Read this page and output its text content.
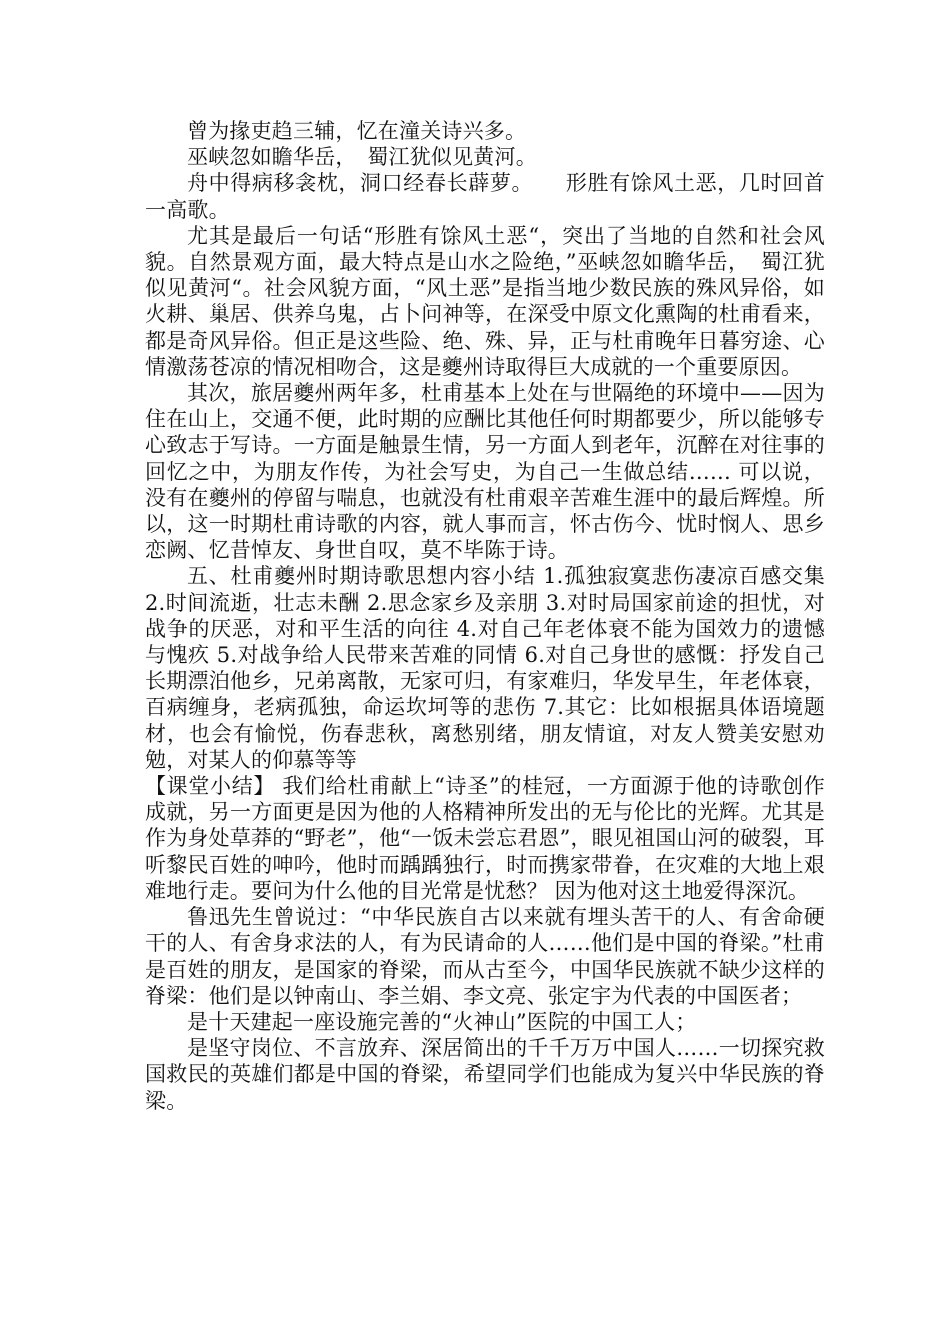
曾为掾吏趋三辅，忆在潼关诗兴多。

巫峡忽如瞻华岳，　蜀江犹似见黄河。

舟中得病移衾枕，洞口经春长薜萝。　　形胜有馀风土恶，几时回首一高歌。

尤其是最后一句话“形胜有馀风土恶“，突出了当地的自然和社会风貌。自然景观方面，最大特点是山水之险绝，”巫峡忽如瞻华岳，　蜀江犹似见黄河“。社会风貌方面，“风土恶”是指当地少数民族的殊风异俗，如火耕、巢居、供养乌鬼，占卜问神等，在深受中原文化熏陶的杜甫看来，都是奇风异俗。但正是这些险、绝、殊、异，正与杜甫晚年日暮穷途、心情激荡苍凉的情况相吻合，这是夔州诗取得巨大成就的一个重要原因。

其次，旅居夔州两年多，杜甫基本上处在与世隔绝的环境中——因为住在山上，交通不便，此时期的应酬比其他任何时期都要少，所以能够专心致志于写诗。一方面是触景生情，另一方面人到老年，沉醉在对往事的回忆之中，为朋友作传，为社会写史，为自己一生做总结…… 可以说，没有在夔州的停留与喘息，也就没有杜甫艰辛苦难生涯中的最后辉煌。所以，这一时期杜甫诗歌的内容，就人事而言，怀古伤今、忧时悯人、思乡恋阙、忆昔悼友、身世自叹，莫不毕陈于诗。

五、杜甫夔州时期诗歌思想内容小结 1.孤独寂寞悲伤凄凉百感交集 2.时间流逝，壮志未酬 2.思念家乡及亲朋 3.对时局国家前途的担忧，对战争的厌恶，对和平生活的向往 4.对自己年老体衰不能为国效力的遗憾与愧疚 5.对战争给人民带来苦难的同情 6.对自己身世的感慨：抒发自己长期漂泊他乡，兄弟离散，无家可归，有家难归，华发早生，年老体衰，百病缠身，老病孤独，命运坎坷等的悲伤 7.其它：比如根据具体语境题材，也会有愉悦，伤春悲秋，离愁别绪，朋友情谊，对友人赞美安慰劝勉，对某人的仰慕等等

【课堂小结】 我们给杜甫献上“诗圣”的桂冠，一方面源于他的诗歌创作成就，另一方面更是因为他的人格精神所发出的无与伦比的光辉。尤其是作为身处草莽的“野老”，他“一饭未尝忘君恩”，眼见祖国山河的破裂，耳听黎民百姓的呻吟，他时而踽踽独行，时而携家带眷，在灾难的大地上艰难地行走。要问为什么他的目光常是忧愁？ 因为他对这土地爱得深沉。

鲁迅先生曾说过：“中华民族自古以来就有埋头苦干的人、有舍命硬干的人、有舍身求法的人，有为民请命的人……他们是中国的脊梁。”杜甫是百姓的朋友，是国家的脊梁，而从古至今，中国华民族就不缺少这样的脊梁：他们是以钟南山、李兰娟、李文亮、张定宇为代表的中国医者；

是十天建起一座设施完善的“火神山”医院的中国工人；

是坚守岗位、不言放弃、深居简出的千千万万中国人……一切探究救国救民的英雄们都是中国的脊梁，希望同学们也能成为复兴中华民族的脊梁。
